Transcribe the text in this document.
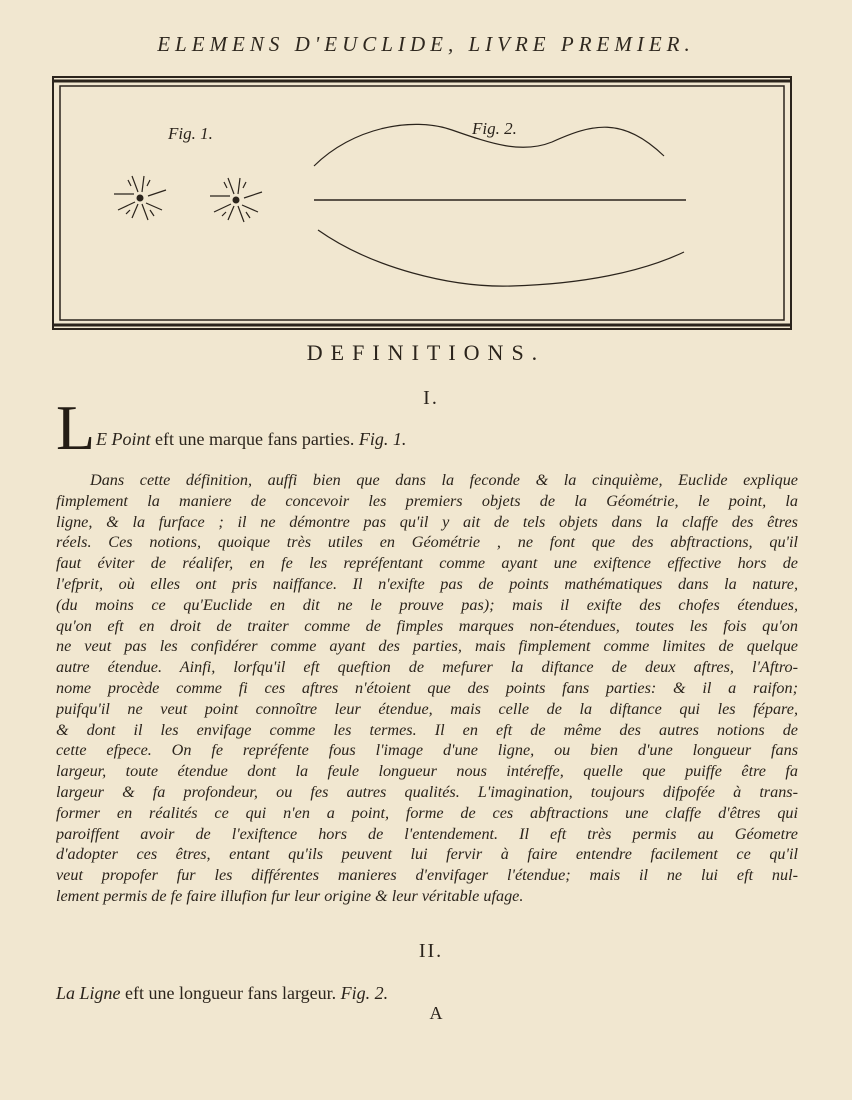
ELEMENS D'EUCLIDE, LIVRE PREMIER.
Fig. 1.	Fig. 2.
DEFINITIONS.
I.
L E Point eft une marque fans parties. Fig. 1.
Dans cette définition, auffi bien que dans la feconde & la cinquième, Euclide explique
fimplement la maniere de concevoir les premiers objets de la Géométrie, le point, la
ligne, & la furface ; il ne démontre pas qu'il y ait de tels objets dans la claffe des êtres
réels. Ces notions, quoique très utiles en Géométrie , ne font que des abftractions, qu'il
faut éviter de réalifer, en fe les repréfentant comme ayant une exiftence effective hors de
l'efprit, où elles ont pris naiffance. Il n'exifte pas de points mathématiques dans la nature,
(du moins ce qu'Euclide en dit ne le prouve pas); mais il exifte des chofes étendues,
qu'on eft en droit de traiter comme de fimples marques non-étendues, toutes les fois qu'on
ne veut pas les confidérer comme ayant des parties, mais fimplement comme limites de quelque
autre étendue. Ainfi, lorfqu'il eft queftion de mefurer la diftance de deux aftres, l'Aftro-
nome procède comme fi ces aftres n'étoient que des points fans parties: & il a raifon;
puifqu'il ne veut point connoître leur étendue, mais celle de la diftance qui les fépare,
& dont il les envifage comme les termes. Il en eft de même des autres notions de
cette efpece. On fe repréfente fous l'image d'une ligne, ou bien d'une longueur fans
largeur, toute étendue dont la feule longueur nous intéreffe, quelle que puiffe être fa
largeur & fa profondeur, ou fes autres qualités. L'imagination, toujours difpofée à trans-
former en réalités ce qui n'en a point, forme de ces abftractions une claffe d'êtres qui
paroiffent avoir de l'exiftence hors de l'entendement. Il eft très permis au Géometre
d'adopter ces êtres, entant qu'ils peuvent lui fervir à faire entendre facilement ce qu'il
veut propofer fur les différentes manieres d'envifager l'étendue; mais il ne lui eft nul-
lement permis de fe faire illufion fur leur origine & leur véritable ufage.
II.
La Ligne eft une longueur fans largeur. Fig. 2.
A
